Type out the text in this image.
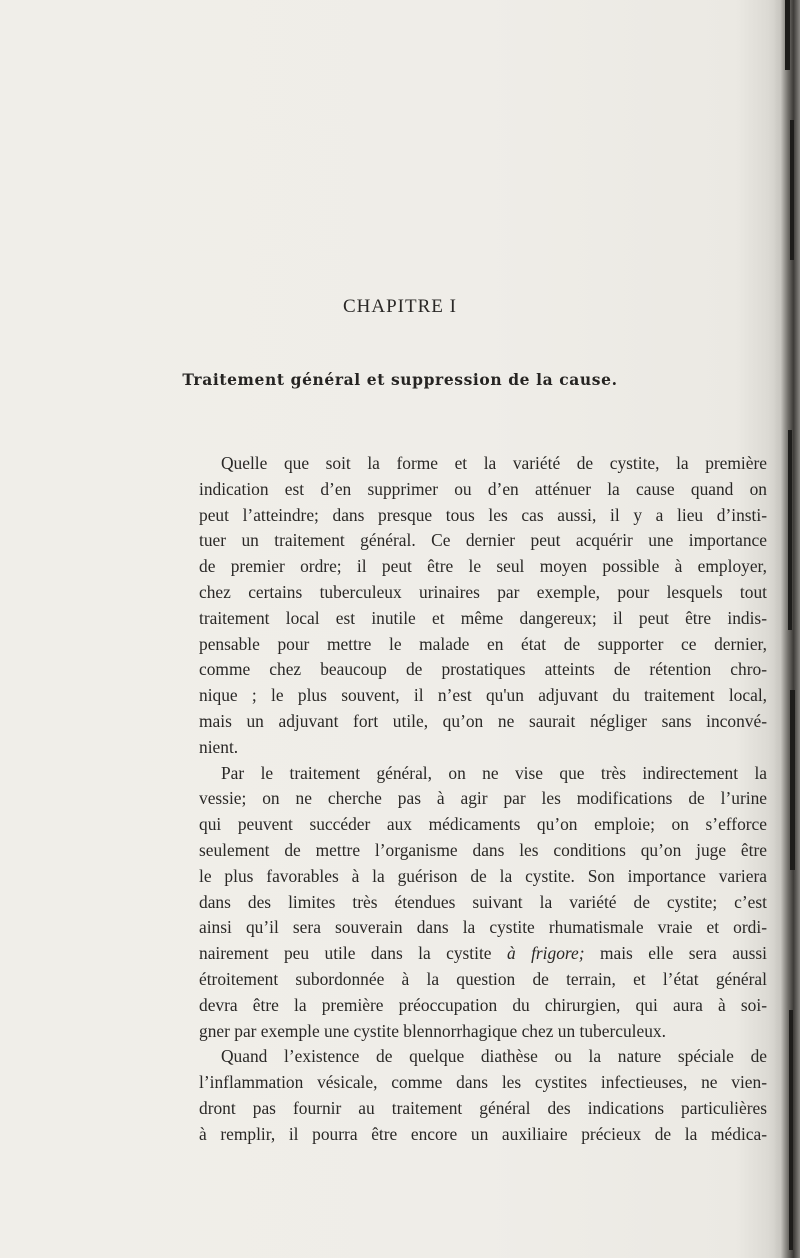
CHAPITRE I
Traitement général et suppression de la cause.
Quelle que soit la forme et la variété de cystite, la première
indication est d’en supprimer ou d’en atténuer la cause quand on
peut l’atteindre; dans presque tous les cas aussi, il y a lieu d’insti-
tuer un traitement général. Ce dernier peut acquérir une importance
de premier ordre; il peut être le seul moyen possible à employer,
chez certains tuberculeux urinaires par exemple, pour lesquels tout
traitement local est inutile et même dangereux; il peut être indis-
pensable pour mettre le malade en état de supporter ce dernier,
comme chez beaucoup de prostatiques atteints de rétention chro-
nique ; le plus souvent, il n’est qu'un adjuvant du traitement local,
mais un adjuvant fort utile, qu’on ne saurait négliger sans inconvé-
nient.
Par le traitement général, on ne vise que très indirectement la
vessie; on ne cherche pas à agir par les modifications de l’urine
qui peuvent succéder aux médicaments qu’on emploie; on s’efforce
seulement de mettre l’organisme dans les conditions qu’on juge être
le plus favorables à la guérison de la cystite. Son importance variera
dans des limites très étendues suivant la variété de cystite; c’est
ainsi qu’il sera souverain dans la cystite rhumatismale vraie et ordi-
nairement peu utile dans la cystite à frigore; mais elle sera aussi
étroitement subordonnée à la question de terrain, et l’état général
devra être la première préoccupation du chirurgien, qui aura à soi-
gner par exemple une cystite blennorrhagique chez un tuberculeux.
Quand l’existence de quelque diathèse ou la nature spéciale de
l’inflammation vésicale, comme dans les cystites infectieuses, ne vien-
dront pas fournir au traitement général des indications particulières
à remplir, il pourra être encore un auxiliaire précieux de la médica-
